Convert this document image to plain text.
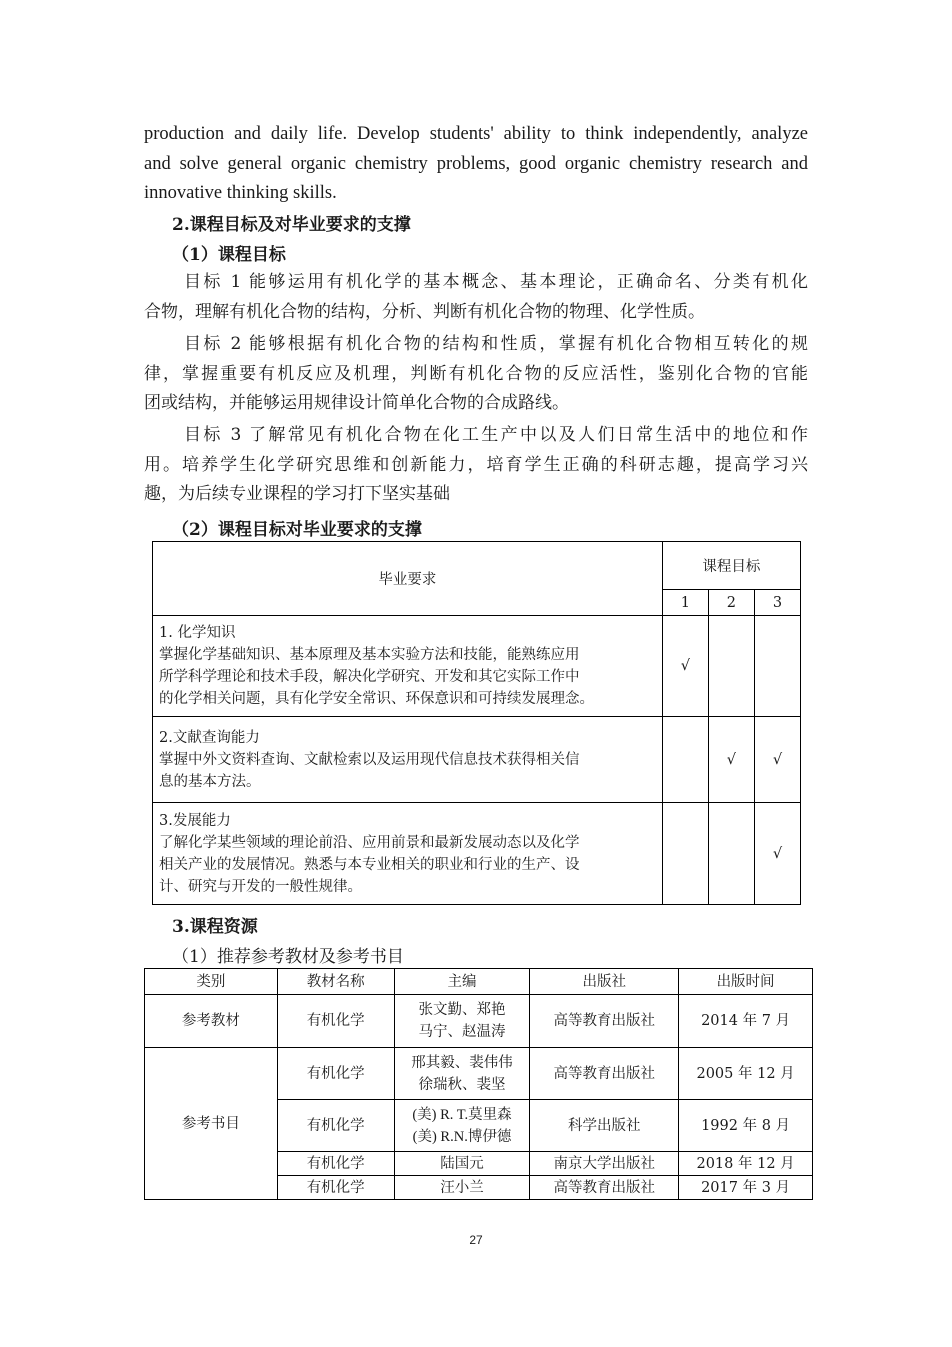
production and daily life. Develop students' ability to think independently, analyze
and solve general organic chemistry problems, good organic chemistry research and
innovative thinking skills.
2.课程目标及对毕业要求的支撑
（1）课程目标
目标 1 能够运用有机化学的基本概念、基本理论，正确命名、分类有机化
合物，理解有机化合物的结构，分析、判断有机化合物的物理、化学性质。
目标 2 能够根据有机化合物的结构和性质，掌握有机化合物相互转化的规
律，掌握重要有机反应及机理，判断有机化合物的反应活性，鉴别化合物的官能
团或结构，并能够运用规律设计简单化合物的合成路线。
目标 3 了解常见有机化合物在化工生产中以及人们日常生活中的地位和作
用。培养学生化学研究思维和创新能力，培育学生正确的科研志趣，提高学习兴
趣，为后续专业课程的学习打下坚实基础
（2）课程目标对毕业要求的支撑
毕业要求	课程目标		
	1	2	3

1. 化学知识
掌握化学基础知识、基本原理及基本实验方法和技能，能熟练应用
所学科学理论和技术手段，解决化学研究、开发和其它实际工作中
的化学相关问题，具有化学安全常识、环保意识和可持续发展理念。	√		

2.文献查询能力
掌握中外文资料查询、文献检索以及运用现代信息技术获得相关信
息的基本方法。		√	√

3.发展能力
了解化学某些领域的理论前沿、应用前景和最新发展动态以及化学
相关产业的发展情况。熟悉与本专业相关的职业和行业的生产、设
计、研究与开发的一般性规律。			√
3.课程资源
（1）推荐参考教材及参考书目
类别	教材名称	主编	出版社	出版时间
参考教材	有机化学	张文勤、郑艳
马宁、赵温涛	高等教育出版社	2014 年 7 月
参考书目	有机化学	邢其毅、裴伟伟
徐瑞秋、裴坚	高等教育出版社	2005 年 12 月
	有机化学	(美) R. T.莫里森
(美) R.N.博伊德	科学出版社	1992 年 8 月
	有机化学	陆国元	南京大学出版社	2018 年 12 月
	有机化学	汪小兰	高等教育出版社	2017 年 3 月
27
